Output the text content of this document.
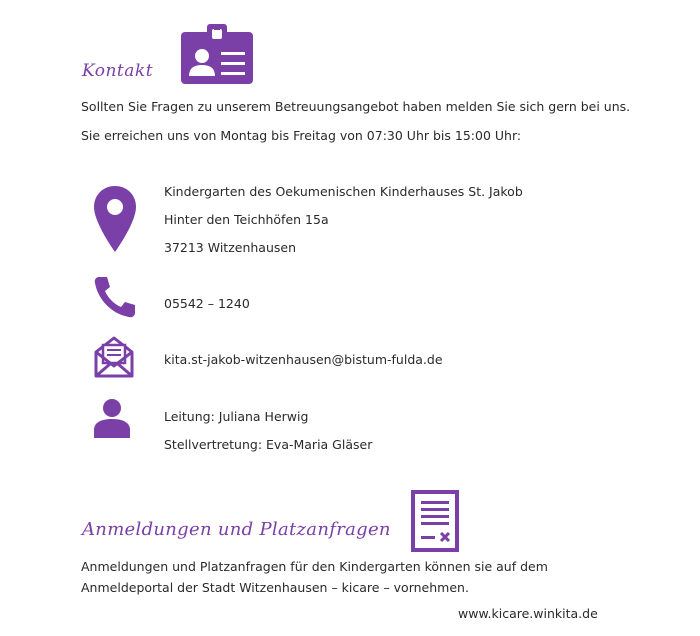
Kontakt
Sollten Sie Fragen zu unserem Betreuungsangebot haben melden Sie sich gern bei uns.
Sie erreichen uns von Montag bis Freitag von 07:30 Uhr bis 15:00 Uhr:
Kindergarten des Oekumenischen Kinderhauses St. Jakob
Hinter den Teichhöfen 15a
37213 Witzenhausen
05542 – 1240
kita.st-jakob-witzenhausen@bistum-fulda.de
Leitung: Juliana Herwig
Stellvertretung: Eva-Maria Gläser
Anmeldungen und Platzanfragen
Anmeldungen und Platzanfragen für den Kindergarten können sie auf dem Anmeldeportal der Stadt Witzenhausen – kicare – vornehmen.
www.kicare.winkita.de
